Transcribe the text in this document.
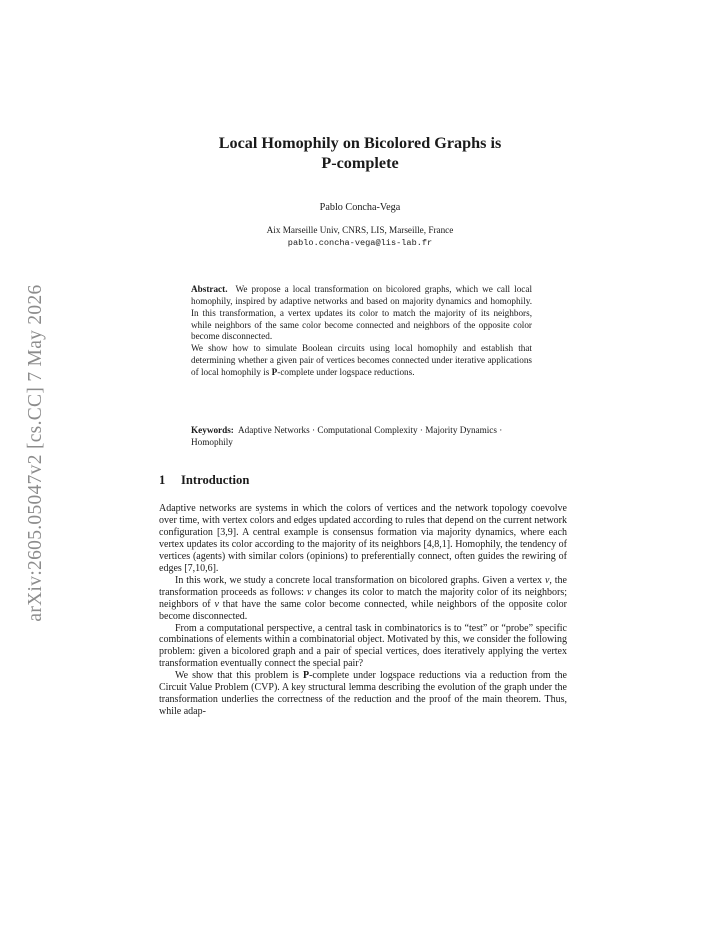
arXiv:2605.05047v2 [cs.CC] 7 May 2026
Local Homophily on Bicolored Graphs is
P-complete
Pablo Concha-Vega
Aix Marseille Univ, CNRS, LIS, Marseille, France
pablo.concha-vega@lis-lab.fr

Abstract. We propose a local transformation on bicolored graphs, which we call local homophily, inspired by adaptive networks and based on majority dynamics and homophily. In this transformation, a vertex updates its color to match the majority of its neighbors, while neighbors of the same color become connected and neighbors of the opposite color become disconnected.

We show how to simulate Boolean circuits using local homophily and establish that determining whether a given pair of vertices becomes connected under iterative applications of local homophily is P-complete under logspace reductions.

Keywords: Adaptive Networks · Computational Complexity · Majority Dynamics · Homophily
1 Introduction

Adaptive networks are systems in which the colors of vertices and the network topology coevolve over time, with vertex colors and edges updated according to rules that depend on the current network configuration [3,9]. A central example is consensus formation via majority dynamics, where each vertex updates its color according to the majority of its neighbors [4,8,1]. Homophily, the tendency of vertices (agents) with similar colors (opinions) to preferentially connect, often guides the rewiring of edges [7,10,6].

In this work, we study a concrete local transformation on bicolored graphs. Given a vertex v, the transformation proceeds as follows: v changes its color to match the majority color of its neighbors; neighbors of v that have the same color become connected, while neighbors of the opposite color become disconnected.

From a computational perspective, a central task in combinatorics is to “test” or “probe” specific combinations of elements within a combinatorial object. Motivated by this, we consider the following problem: given a bicolored graph and a pair of special vertices, does iteratively applying the vertex transformation eventually connect the special pair?

We show that this problem is P-complete under logspace reductions via a reduction from the Circuit Value Problem (CVP). A key structural lemma describing the evolution of the graph under the transformation underlies the correctness of the reduction and the proof of the main theorem. Thus, while adap-
